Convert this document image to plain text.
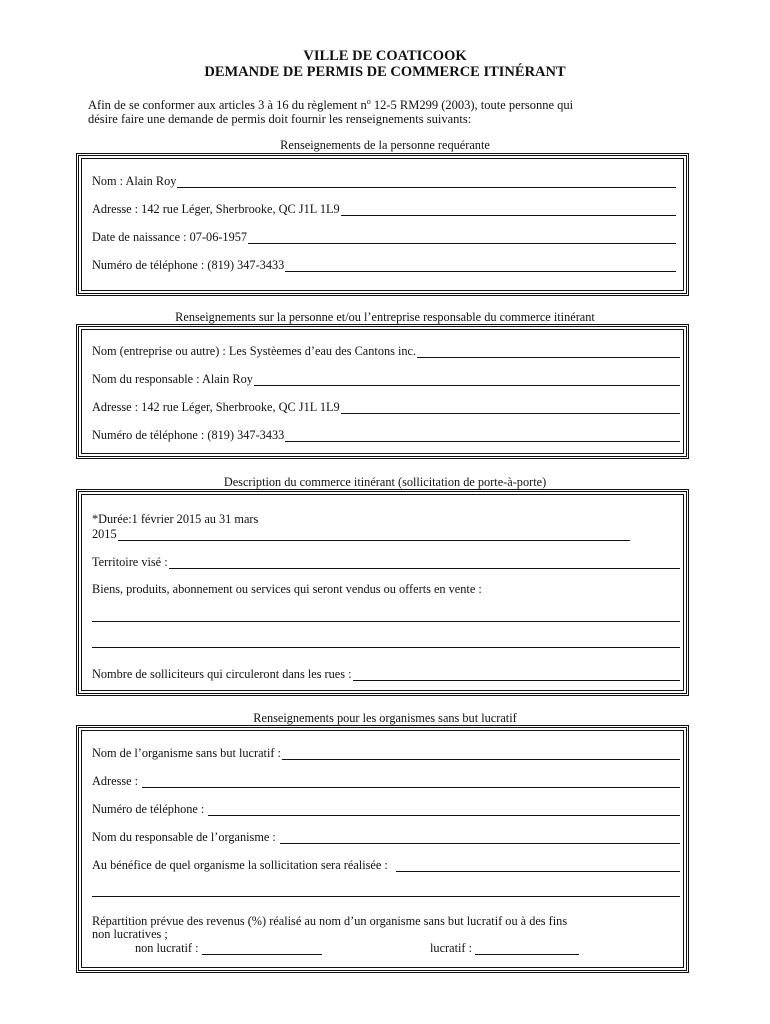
VILLE DE COATICOOK
DEMANDE DE PERMIS DE COMMERCE ITINÉRANT
Afin de se conformer aux articles 3 à 16 du règlement $n^o$ 12-5 RM299 (2003), toute personne qui
désire faire une demande de permis doit fournir les renseignements suivants:
Renseignements de la personne requérante
Nom : Alain Roy
Adresse : 142 rue Léger, Sherbrooke, QC J1L 1L9
Date de naissance : 07-06-1957
Numéro de téléphone : (819) 347-3433
Renseignements sur la personne et/ou l’entreprise responsable du commerce itinérant
Nom (entreprise ou autre) : Les Systèemes d’eau des Cantons inc.
Nom du responsable : Alain Roy
Adresse : 142 rue Léger, Sherbrooke, QC J1L 1L9
Numéro de téléphone : (819) 347-3433
Description du commerce itinérant (sollicitation de porte-à-porte)
*Durée:1 février 2015 au 31 mars
2015
Territoire visé :
Biens, produits, abonnement ou services qui seront vendus ou offerts en vente :
Nombre de solliciteurs qui circuleront dans les rues :
Renseignements pour les organismes sans but lucratif
Nom de l’organisme sans but lucratif :
Adresse :
Numéro de téléphone :
Nom du responsable de l’organisme :
Au bénéfice de quel organisme la sollicitation sera réalisée :
Répartition prévue des revenus (%) réalisé au nom d’un organisme sans but lucratif ou à des fins
non lucratives ;
non lucratif :	lucratif :
